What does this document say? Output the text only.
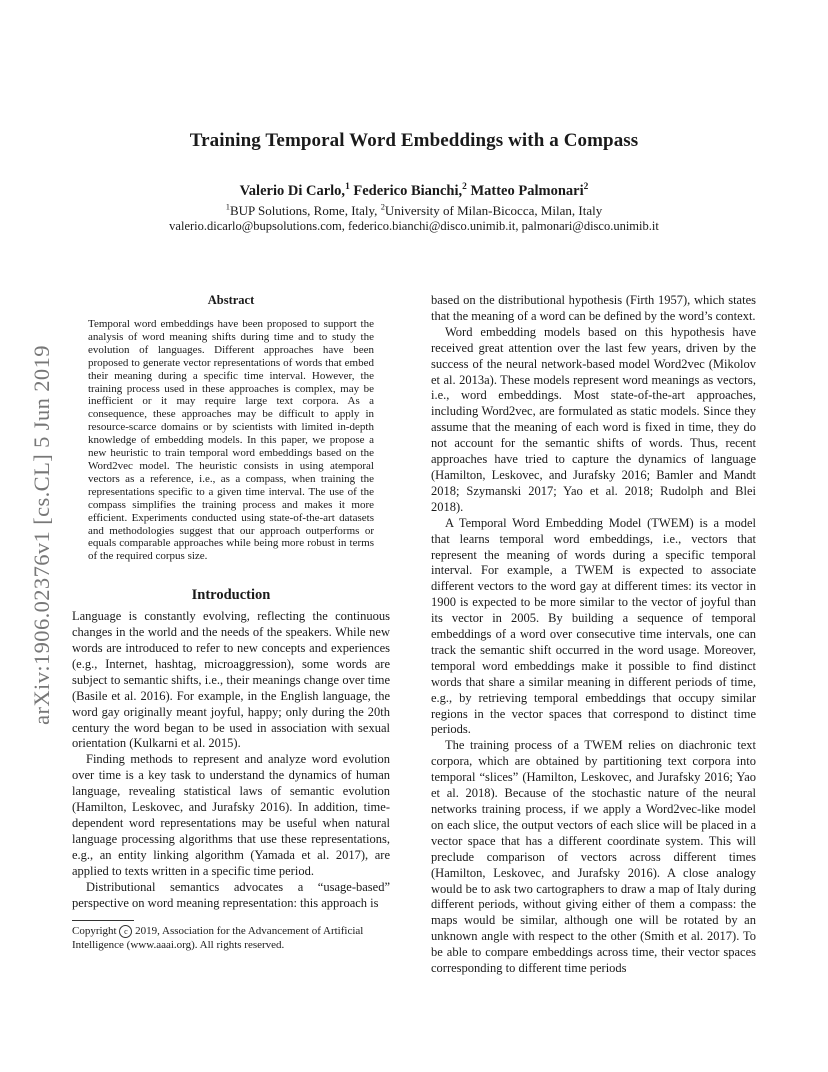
Training Temporal Word Embeddings with a Compass
Valerio Di Carlo,$^1$ Federico Bianchi,$^2$ Matteo Palmonari$^2$
$^1$BUP Solutions, Rome, Italy, $^2$University of Milan-Bicocca, Milan, Italy
valerio.dicarlo@bupsolutions.com, federico.bianchi@disco.unimib.it, palmonari@disco.unimib.it
arXiv:1906.02376v1 [cs.CL] 5 Jun 2019
Abstract

Temporal word embeddings have been proposed to support the analysis of word meaning shifts during time and to study the evolution of languages. Different approaches have been proposed to generate vector representations of words that embed their meaning during a specific time interval. However, the training process used in these approaches is complex, may be inefficient or it may require large text corpora. As a consequence, these approaches may be difficult to apply in resource-scarce domains or by scientists with limited in-depth knowledge of embedding models. In this paper, we propose a new heuristic to train temporal word embeddings based on the Word2vec model. The heuristic consists in using atemporal vectors as a reference, i.e., as a compass, when training the representations specific to a given time interval. The use of the compass simplifies the training process and makes it more efficient. Experiments conducted using state-of-the-art datasets and methodologies suggest that our approach outperforms or equals comparable approaches while being more robust in terms of the required corpus size.

Introduction

Language is constantly evolving, reflecting the continuous changes in the world and the needs of the speakers. While new words are introduced to refer to new concepts and experiences (e.g., Internet, hashtag, microaggression), some words are subject to semantic shifts, i.e., their meanings change over time (Basile et al. 2016). For example, in the English language, the word gay originally meant joyful, happy; only during the 20th century the word began to be used in association with sexual orientation (Kulkarni et al. 2015).

Finding methods to represent and analyze word evolution over time is a key task to understand the dynamics of human language, revealing statistical laws of semantic evolution (Hamilton, Leskovec, and Jurafsky 2016). In addition, time-dependent word representations may be useful when natural language processing algorithms that use these representations, e.g., an entity linking algorithm (Yamada et al. 2017), are applied to texts written in a specific time period.

Distributional semantics advocates a “usage-based” perspective on word meaning representation: this approach is

Copyright c 2019, Association for the Advancement of Artificial Intelligence (www.aaai.org). All rights reserved.

based on the distributional hypothesis (Firth 1957), which states that the meaning of a word can be defined by the word’s context.

Word embedding models based on this hypothesis have received great attention over the last few years, driven by the success of the neural network-based model Word2vec (Mikolov et al. 2013a). These models represent word meanings as vectors, i.e., word embeddings. Most state-of-the-art approaches, including Word2vec, are formulated as static models. Since they assume that the meaning of each word is fixed in time, they do not account for the semantic shifts of words. Thus, recent approaches have tried to capture the dynamics of language (Hamilton, Leskovec, and Jurafsky 2016; Bamler and Mandt 2018; Szymanski 2017; Yao et al. 2018; Rudolph and Blei 2018).

A Temporal Word Embedding Model (TWEM) is a model that learns temporal word embeddings, i.e., vectors that represent the meaning of words during a specific temporal interval. For example, a TWEM is expected to associate different vectors to the word gay at different times: its vector in 1900 is expected to be more similar to the vector of joyful than its vector in 2005. By building a sequence of temporal embeddings of a word over consecutive time intervals, one can track the semantic shift occurred in the word usage. Moreover, temporal word embeddings make it possible to find distinct words that share a similar meaning in different periods of time, e.g., by retrieving temporal embeddings that occupy similar regions in the vector spaces that correspond to distinct time periods.

The training process of a TWEM relies on diachronic text corpora, which are obtained by partitioning text corpora into temporal “slices” (Hamilton, Leskovec, and Jurafsky 2016; Yao et al. 2018). Because of the stochastic nature of the neural networks training process, if we apply a Word2vec-like model on each slice, the output vectors of each slice will be placed in a vector space that has a different coordinate system. This will preclude comparison of vectors across different times (Hamilton, Leskovec, and Jurafsky 2016). A close analogy would be to ask two cartographers to draw a map of Italy during different periods, without giving either of them a compass: the maps would be similar, although one will be rotated by an unknown angle with respect to the other (Smith et al. 2017). To be able to compare embeddings across time, their vector spaces corresponding to different time periods
